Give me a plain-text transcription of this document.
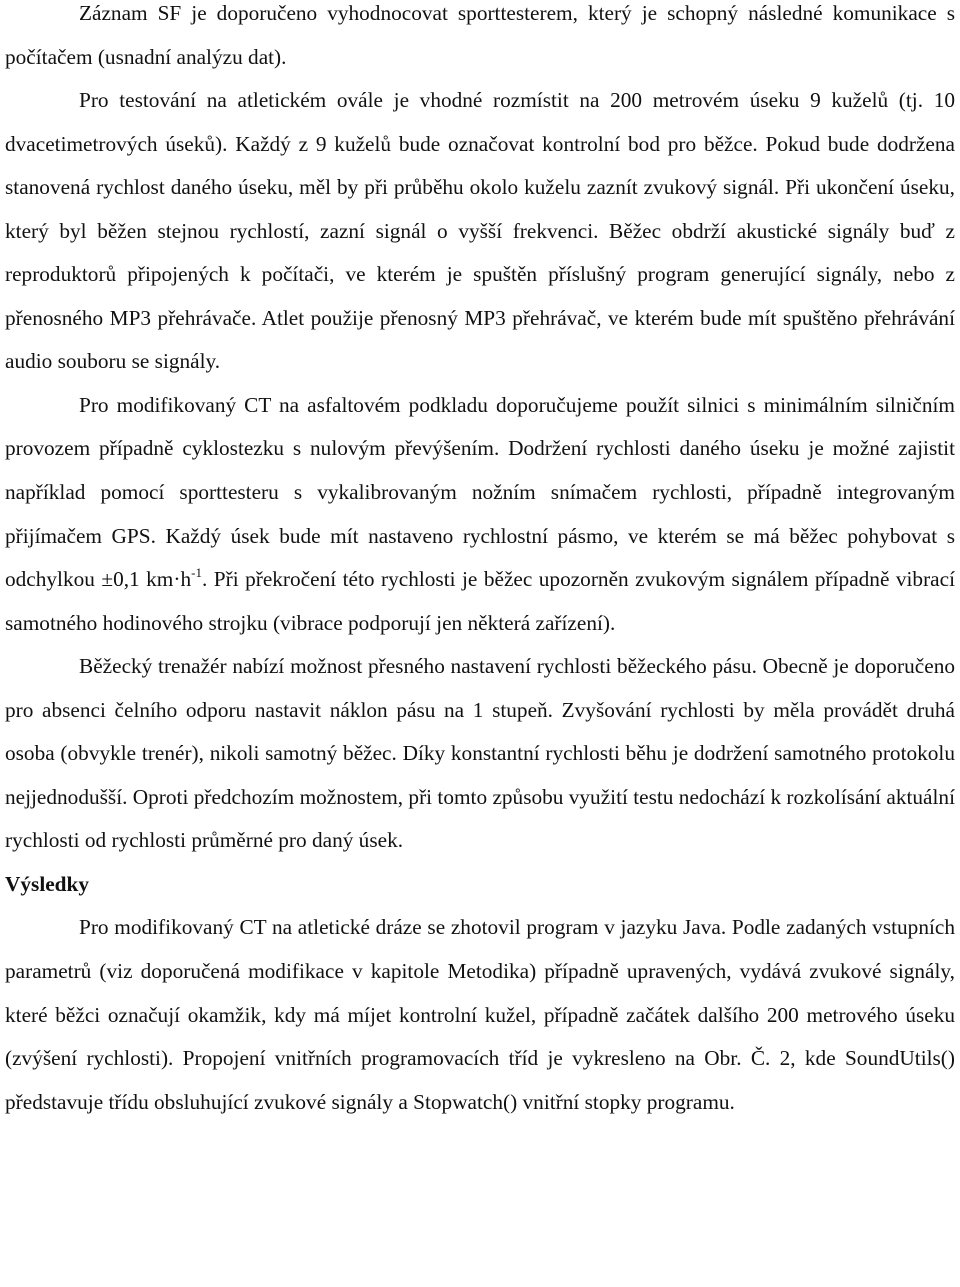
Záznam SF je doporučeno vyhodnocovat sporttesterem, který je schopný následné komunikace s počítačem (usnadní analýzu dat).

Pro testování na atletickém ovále je vhodné rozmístit na 200 metrovém úseku 9 kuželů (tj. 10 dvacetimetrových úseků). Každý z 9 kuželů bude označovat kontrolní bod pro běžce. Pokud bude dodržena stanovená rychlost daného úseku, měl by při průběhu okolo kuželu zaznít zvukový signál. Při ukončení úseku, který byl běžen stejnou rychlostí, zazní signál o vyšší frekvenci. Běžec obdrží akustické signály buď z reproduktorů připojených k počítači, ve kterém je spuštěn příslušný program generující signály, nebo z přenosného MP3 přehrávače. Atlet použije přenosný MP3 přehrávač, ve kterém bude mít spuštěno přehrávání audio souboru se signály.

Pro modifikovaný CT na asfaltovém podkladu doporučujeme použít silnici s minimálním silničním provozem případně cyklostezku s nulovým převýšením. Dodržení rychlosti daného úseku je možné zajistit například pomocí sporttesteru s vykalibrovaným nožním snímačem rychlosti, případně integrovaným přijímačem GPS. Každý úsek bude mít nastaveno rychlostní pásmo, ve kterém se má běžec pohybovat s odchylkou ±0,1 $km\cdot h^{-1}$. Při překročení této rychlosti je běžec upozorněn zvukovým signálem případně vibrací samotného hodinového strojku (vibrace podporují jen některá zařízení).

Běžecký trenažér nabízí možnost přesného nastavení rychlosti běžeckého pásu. Obecně je doporučeno pro absenci čelního odporu nastavit náklon pásu na 1 stupeň. Zvyšování rychlosti by měla provádět druhá osoba (obvykle trenér), nikoli samotný běžec. Díky konstantní rychlosti běhu je dodržení samotného protokolu nejjednodušší. Oproti předchozím možnostem, při tomto způsobu využití testu nedochází k rozkolísání aktuální rychlosti od rychlosti průměrné pro daný úsek.

Výsledky

Pro modifikovaný CT na atletické dráze se zhotovil program v jazyku Java. Podle zadaných vstupních parametrů (viz doporučená modifikace v kapitole Metodika) případně upravených, vydává zvukové signály, které běžci označují okamžik, kdy má míjet kontrolní kužel, případně začátek dalšího 200 metrového úseku (zvýšení rychlosti). Propojení vnitřních programovacích tříd je vykresleno na Obr. Č. 2, kde SoundUtils() představuje třídu obsluhující zvukové signály a Stopwatch() vnitřní stopky programu.
